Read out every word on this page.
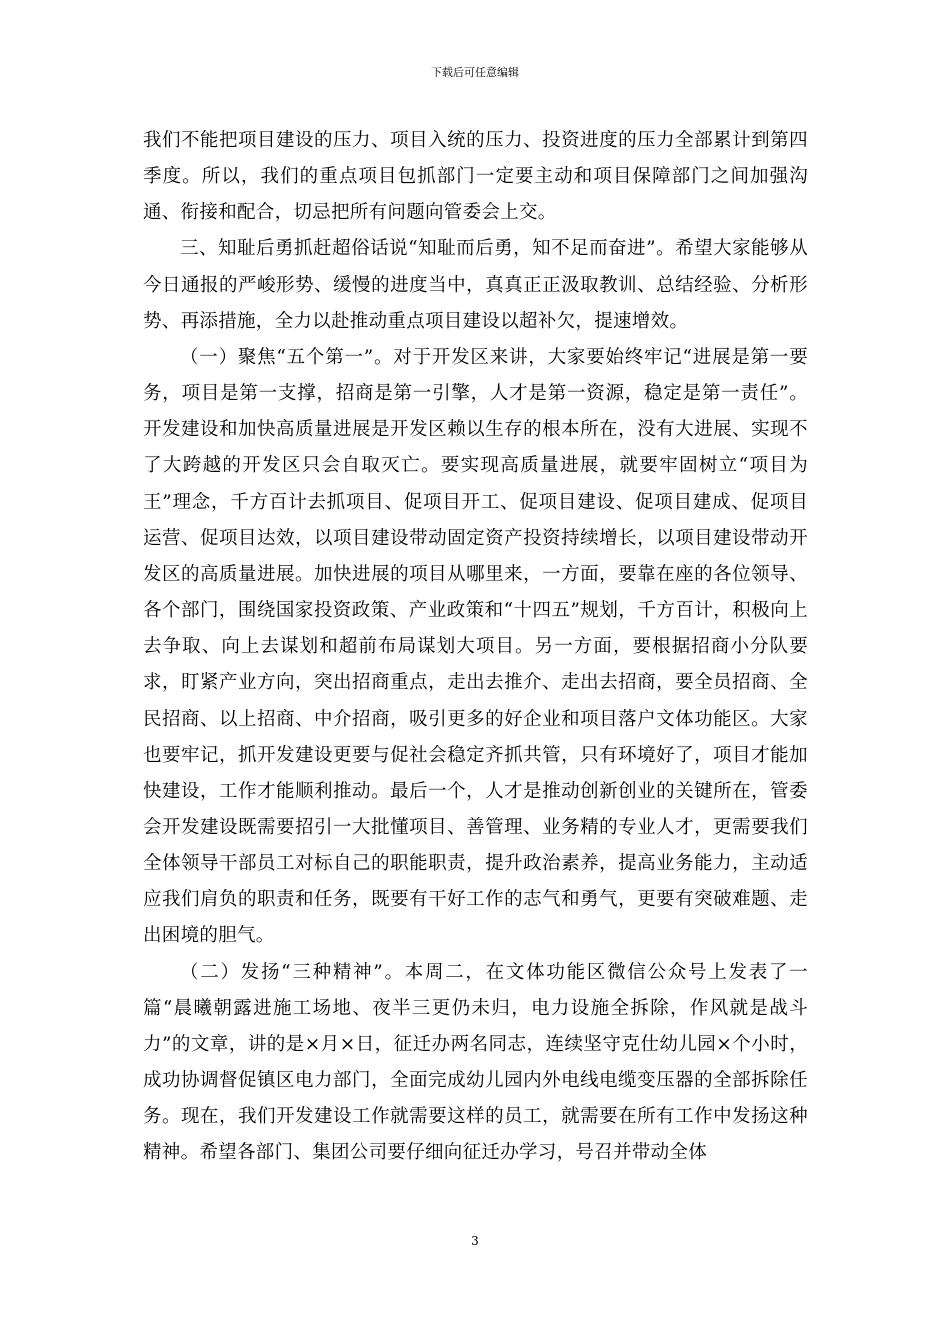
下载后可任意编辑

我们不能把项目建设的压力、项目入统的压力、投资进度的压力全部累计到第四季度。所以，我们的重点项目包抓部门一定要主动和项目保障部门之间加强沟通、衔接和配合，切忌把所有问题向管委会上交。

三、知耻后勇抓赶超俗话说“知耻而后勇，知不足而奋进”。希望大家能够从今日通报的严峻形势、缓慢的进度当中，真真正正汲取教训、总结经验、分析形势、再添措施，全力以赴推动重点项目建设以超补欠，提速增效。

（一）聚焦“五个第一”。对于开发区来讲，大家要始终牢记“进展是第一要务，项目是第一支撑，招商是第一引擎，人才是第一资源，稳定是第一责任”。开发建设和加快高质量进展是开发区赖以生存的根本所在，没有大进展、实现不了大跨越的开发区只会自取灭亡。要实现高质量进展，就要牢固树立“项目为王”理念，千方百计去抓项目、促项目开工、促项目建设、促项目建成、促项目运营、促项目达效，以项目建设带动固定资产投资持续增长，以项目建设带动开发区的高质量进展。加快进展的项目从哪里来，一方面，要靠在座的各位领导、各个部门，围绕国家投资政策、产业政策和“十四五”规划，千方百计，积极向上去争取、向上去谋划和超前布局谋划大项目。另一方面，要根据招商小分队要求，盯紧产业方向，突出招商重点，走出去推介、走出去招商，要全员招商、全民招商、以上招商、中介招商，吸引更多的好企业和项目落户文体功能区。大家也要牢记，抓开发建设更要与促社会稳定齐抓共管，只有环境好了，项目才能加快建设，工作才能顺利推动。最后一个，人才是推动创新创业的关键所在，管委会开发建设既需要招引一大批懂项目、善管理、业务精的专业人才，更需要我们全体领导干部员工对标自己的职能职责，提升政治素养，提高业务能力，主动适应我们肩负的职责和任务，既要有干好工作的志气和勇气，更要有突破难题、走出困境的胆气。

（二）发扬“三种精神”。本周二，在文体功能区微信公众号上发表了一篇“晨曦朝露进施工场地、夜半三更仍未归，电力设施全拆除，作风就是战斗力”的文章，讲的是×月×日，征迁办两名同志，连续坚守克仕幼儿园×个小时，成功协调督促镇区电力部门，全面完成幼儿园内外电线电缆变压器的全部拆除任务。现在，我们开发建设工作就需要这样的员工，就需要在所有工作中发扬这种精神。希望各部门、集团公司要仔细向征迁办学习，号召并带动全体

3
